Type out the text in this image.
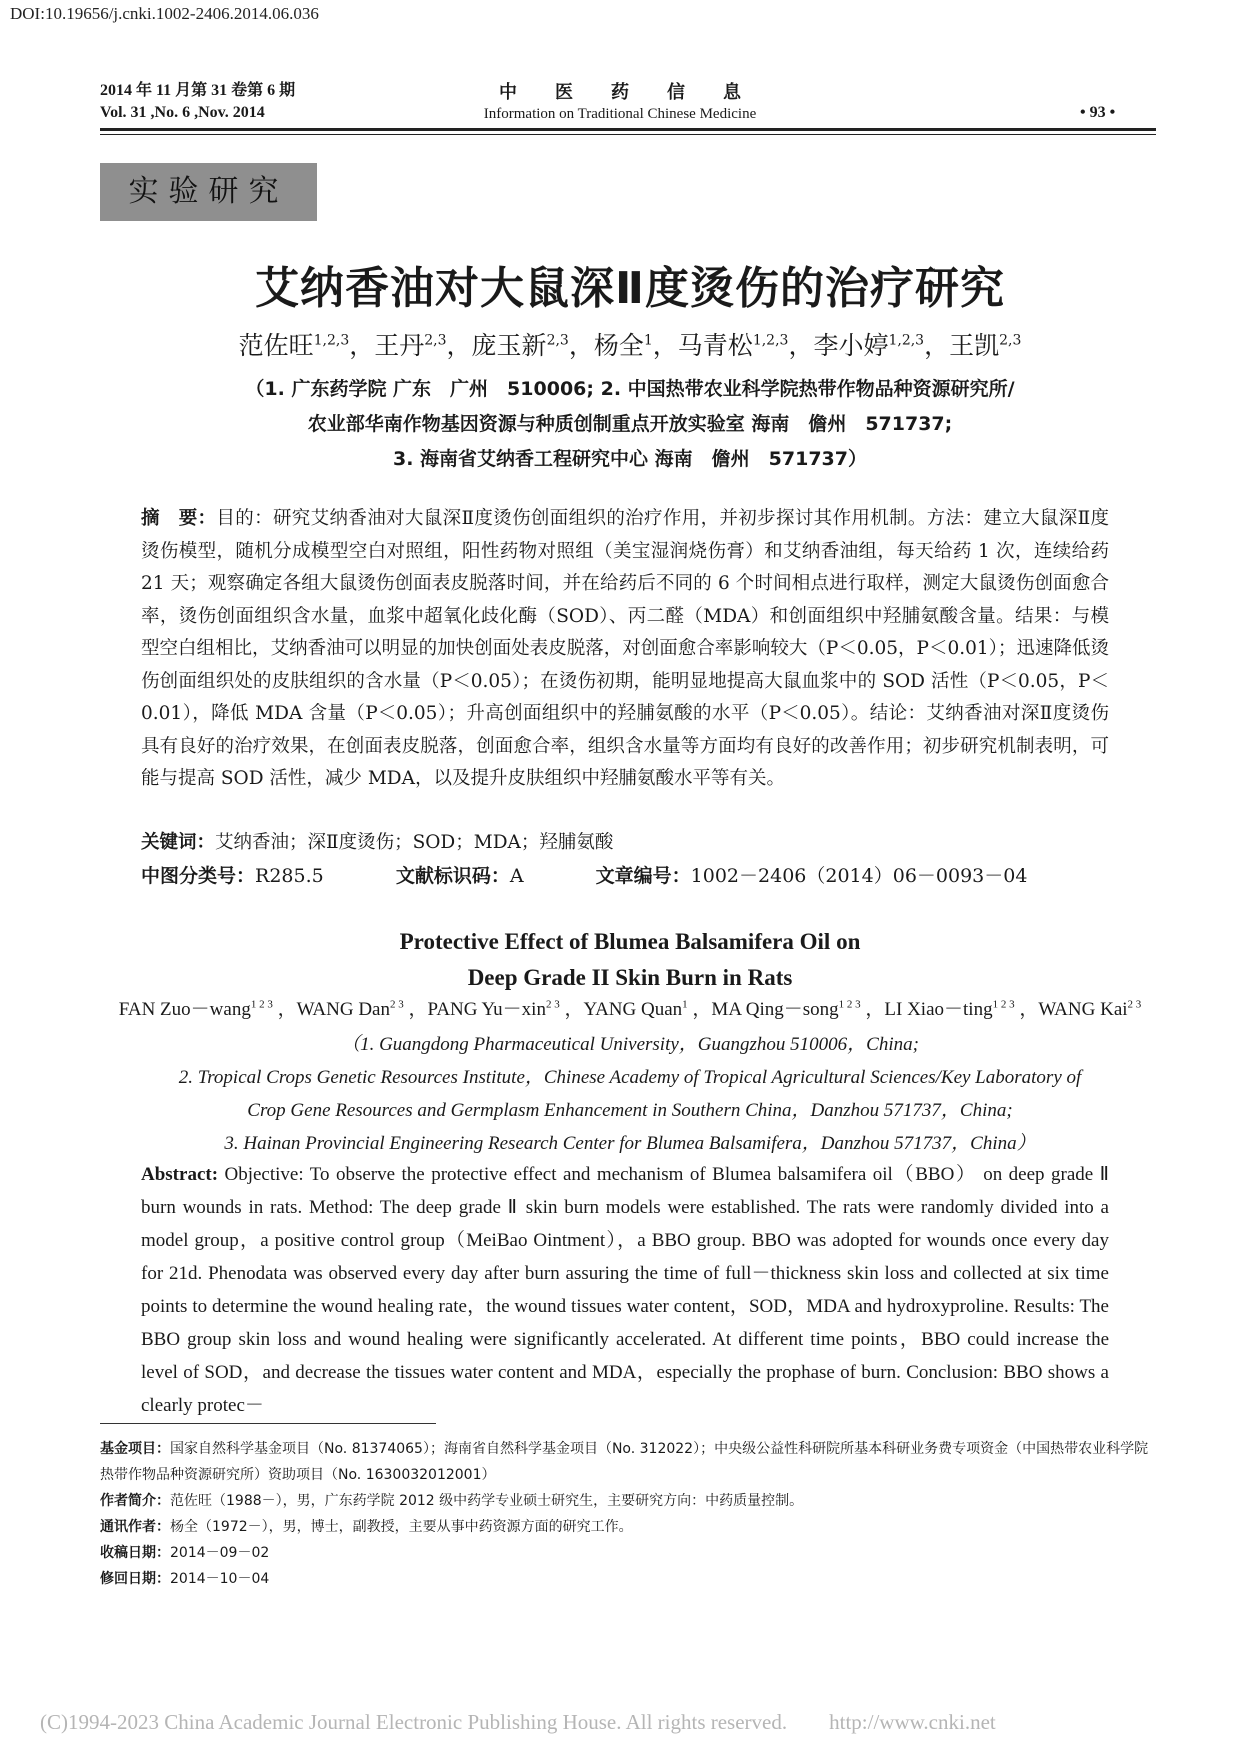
DOI:10.19656/j.cnki.1002-2406.2014.06.036
2014 年 11 月第 31 卷第 6 期
Vol. 31 ,No. 6 ,Nov. 2014
中医药信息
Information on Traditional Chinese Medicine	• 93 •
实验研究
艾纳香油对大鼠深Ⅱ度烫伤的治疗研究
范佐旺$^{1,2,3}$，王丹$^{2,3}$，庞玉新$^{2,3}$，杨全$^1$，马青松$^{1,2,3}$，李小婷$^{1,2,3}$，王凯$^{2,3}$
（1. 广东药学院 广东　广州　510006; 2. 中国热带农业科学院热带作物品种资源研究所/
农业部华南作物基因资源与种质创制重点开放实验室 海南　儋州　571737;
3. 海南省艾纳香工程研究中心 海南　儋州　571737）
摘　要：目的：研究艾纳香油对大鼠深Ⅱ度烫伤创面组织的治疗作用，并初步探讨其作用机制。方法：建立大鼠深Ⅱ度烫伤模型，随机分成模型空白对照组，阳性药物对照组（美宝湿润烧伤膏）和艾纳香油组，每天给药 1 次，连续给药 21 天；观察确定各组大鼠烫伤创面表皮脱落时间，并在给药后不同的 6 个时间相点进行取样，测定大鼠烫伤创面愈合率，烫伤创面组织含水量，血浆中超氧化歧化酶（SOD）、丙二醛（MDA）和创面组织中羟脯氨酸含量。结果：与模型空白组相比，艾纳香油可以明显的加快创面处表皮脱落，对创面愈合率影响较大（P＜0.05，P＜0.01）；迅速降低烫伤创面组织处的皮肤组织的含水量（P＜0.05）；在烫伤初期，能明显地提高大鼠血浆中的 SOD 活性（P＜0.05，P＜0.01），降低 MDA 含量（P＜0.05）；升高创面组织中的羟脯氨酸的水平（P＜0.05）。结论：艾纳香油对深Ⅱ度烫伤具有良好的治疗效果，在创面表皮脱落，创面愈合率，组织含水量等方面均有良好的改善作用；初步研究机制表明，可能与提高 SOD 活性，减少 MDA，以及提升皮肤组织中羟脯氨酸水平等有关。
关键词：艾纳香油；深Ⅱ度烫伤；SOD；MDA；羟脯氨酸
中图分类号：R285.5	文献标识码：A	文章编号：1002－2406（2014）06－0093－04
Protective Effect of Blumea Balsamifera Oil on
Deep Grade II Skin Burn in Rats
FAN Zuo－wang$^{1 2 3}$ ，WANG Dan$^{2 3}$ ，PANG Yu－xin$^{2 3}$ ，YANG Quan$^1$ ，MA Qing－song$^{1 2 3}$ ，LI Xiao－ting$^{1 2 3}$ ，WANG Kai$^{2 3}$
（1. Guangdong Pharmaceutical University，Guangzhou 510006，China;
2. Tropical Crops Genetic Resources Institute，Chinese Academy of Tropical Agricultural Sciences/Key Laboratory of
Crop Gene Resources and Germplasm Enhancement in Southern China，Danzhou 571737，China;
3. Hainan Provincial Engineering Research Center for Blumea Balsamifera，Danzhou 571737，China）
Abstract: Objective: To observe the protective effect and mechanism of Blumea balsamifera oil（BBO） on deep grade Ⅱ burn wounds in rats. Method: The deep grade Ⅱ skin burn models were established. The rats were randomly divided into a model group，a positive control group（MeiBao Ointment），a BBO group. BBO was adopted for wounds once every day for 21d. Phenodata was observed every day after burn assuring the time of full－thickness skin loss and collected at six time points to determine the wound healing rate，the wound tissues water content，SOD，MDA and hydroxyproline. Results: The BBO group skin loss and wound healing were significantly accelerated. At different time points，BBO could increase the level of SOD，and decrease the tissues water content and MDA，especially the prophase of burn. Conclusion: BBO shows a clearly protec－
基金项目：国家自然科学基金项目（No. 81374065）；海南省自然科学基金项目（No. 312022）；中央级公益性科研院所基本科研业务费专项资金（中国热带农业科学院热带作物品种资源研究所）资助项目（No. 1630032012001）
作者简介：范佐旺（1988－），男，广东药学院 2012 级中药学专业硕士研究生，主要研究方向：中药质量控制。
通讯作者：杨全（1972－），男，博士，副教授，主要从事中药资源方面的研究工作。
收稿日期：2014－09－02
修回日期：2014－10－04
(C)1994-2023 China Academic Journal Electronic Publishing House. All rights reserved.　　http://www.cnki.net
